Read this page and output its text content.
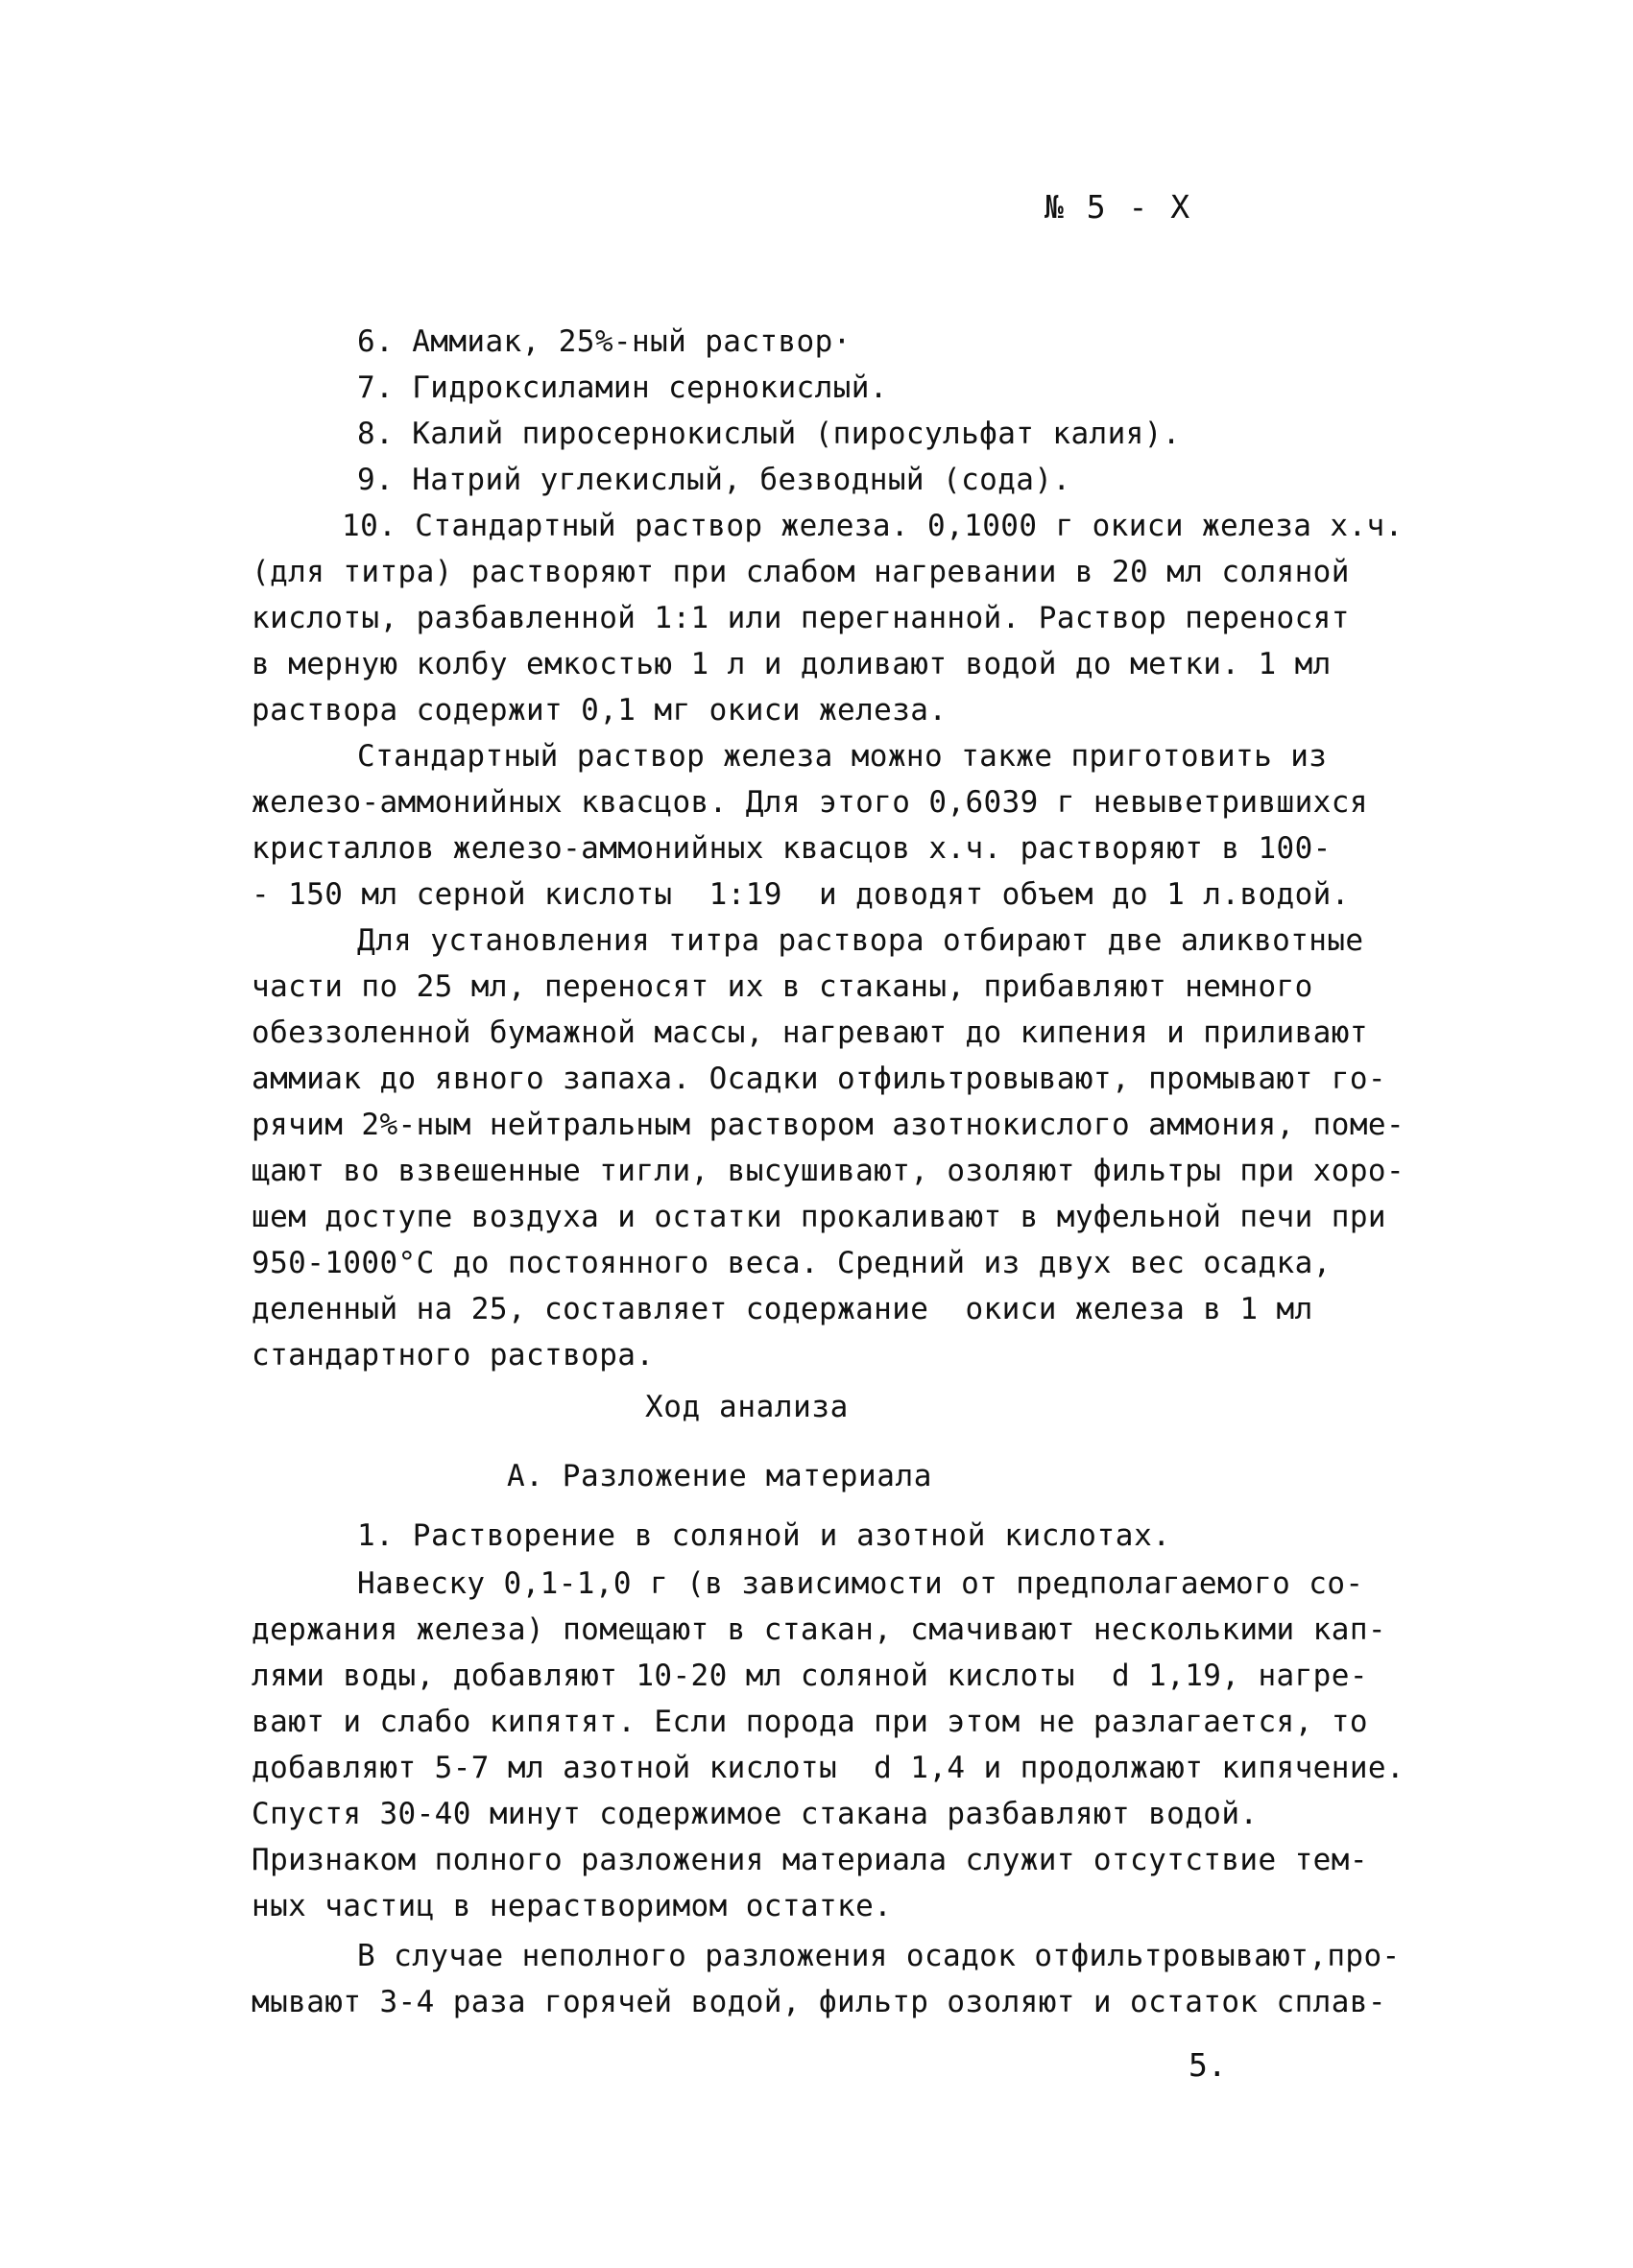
№ 5 - X
6. Аммиак, 25%-ный раствор·
7. Гидроксиламин сернокислый.
8. Калий пиросернокислый (пиросульфат калия).
9. Натрий углекислый, безводный (сода).
10. Стандартный раствор железа. 0,1000 г окиси железа х.ч.
(для титра) растворяют при слабом нагревании в 20 мл соляной
кислоты, разбавленной 1:1 или перегнанной. Раствор переносят
в мерную колбу емкостью 1 л и доливают водой до метки. 1 мл
раствора содержит 0,1 мг окиси железа.
Стандартный раствор железа можно также приготовить из
железо-аммонийных квасцов. Для этого 0,6039 г невыветрившихся
кристаллов железо-аммонийных квасцов х.ч. растворяют в 100-
- 150 мл серной кислоты  1:19  и доводят объем до 1 л.водой.
Для установления титра раствора отбирают две аликвотные
части по 25 мл, переносят их в стаканы, прибавляют немного
обеззоленной бумажной массы, нагревают до кипения и приливают
аммиак до явного запаха. Осадки отфильтровывают, промывают го-
рячим 2%-ным нейтральным раствором азотнокислого аммония, поме-
щают во взвешенные тигли, высушивают, озоляют фильтры при хоро-
шем доступе воздуха и остатки прокаливают в муфельной печи при
950-1000°С до постоянного веса. Средний из двух вес осадка,
деленный на 25, составляет содержание  окиси железа в 1 мл
стандартного раствора.
Ход анализа
А. Разложение материала
1. Растворение в соляной и азотной кислотах.
Навеску 0,1-1,0 г (в зависимости от предполагаемого со-
держания железа) помещают в стакан, смачивают несколькими кап-
лями воды, добавляют 10-20 мл соляной кислоты  d 1,19, нагре-
вают и слабо кипятят. Если порода при этом не разлагается, то
добавляют 5-7 мл азотной кислоты  d 1,4 и продолжают кипячение.
Спустя 30-40 минут содержимое стакана разбавляют водой.
Признаком полного разложения материала служит отсутствие тем-
ных частиц в нерастворимом остатке.
В случае неполного разложения осадок отфильтровывают,про-
мывают 3-4 раза горячей водой, фильтр озоляют и остаток сплав-
5.
